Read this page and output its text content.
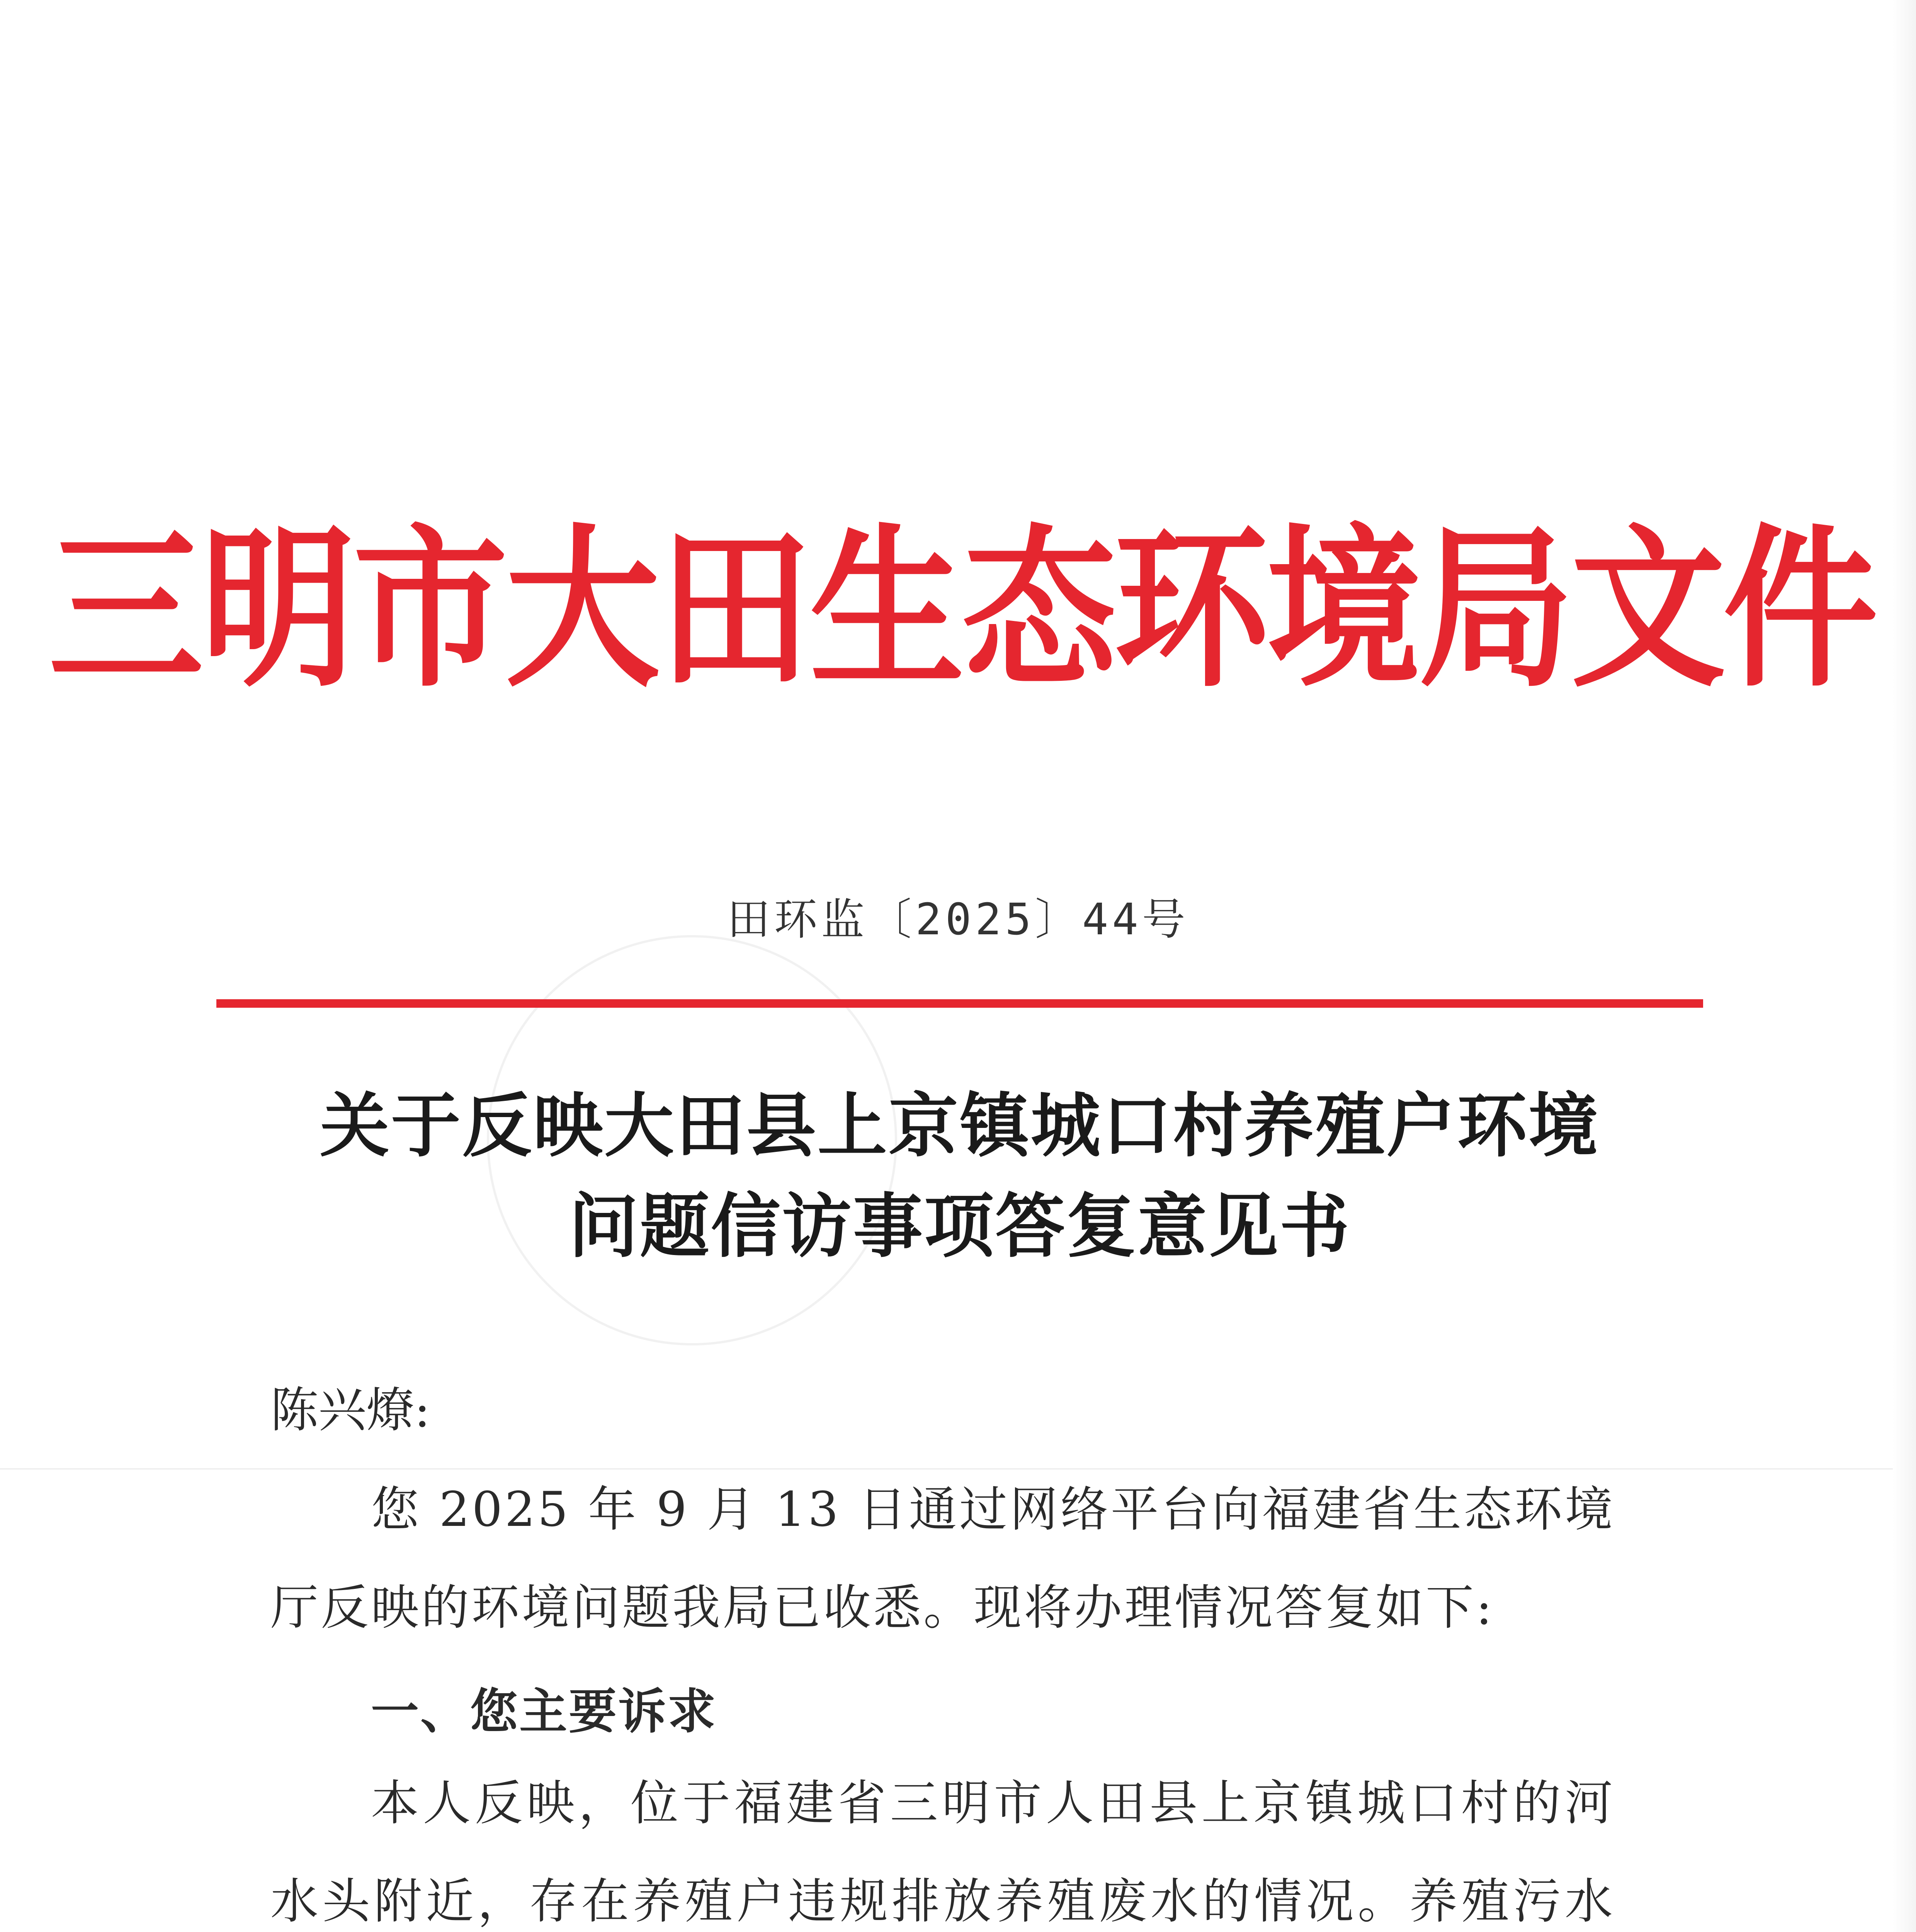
三明市大田生态环境局文件
田环监〔2025〕44号
关于反映大田县上京镇城口村养殖户环境
问题信访事项答复意见书
陈兴燎:
您 2025 年 9 月 13 日通过网络平台向福建省生态环境厅反映的环境问题我局已收悉。现将办理情况答复如下:
一、您主要诉求
本人反映，位于福建省三明市人田县上京镇城口村的河水头附近，存在养殖户违规排放养殖废水的情况。养殖污水
